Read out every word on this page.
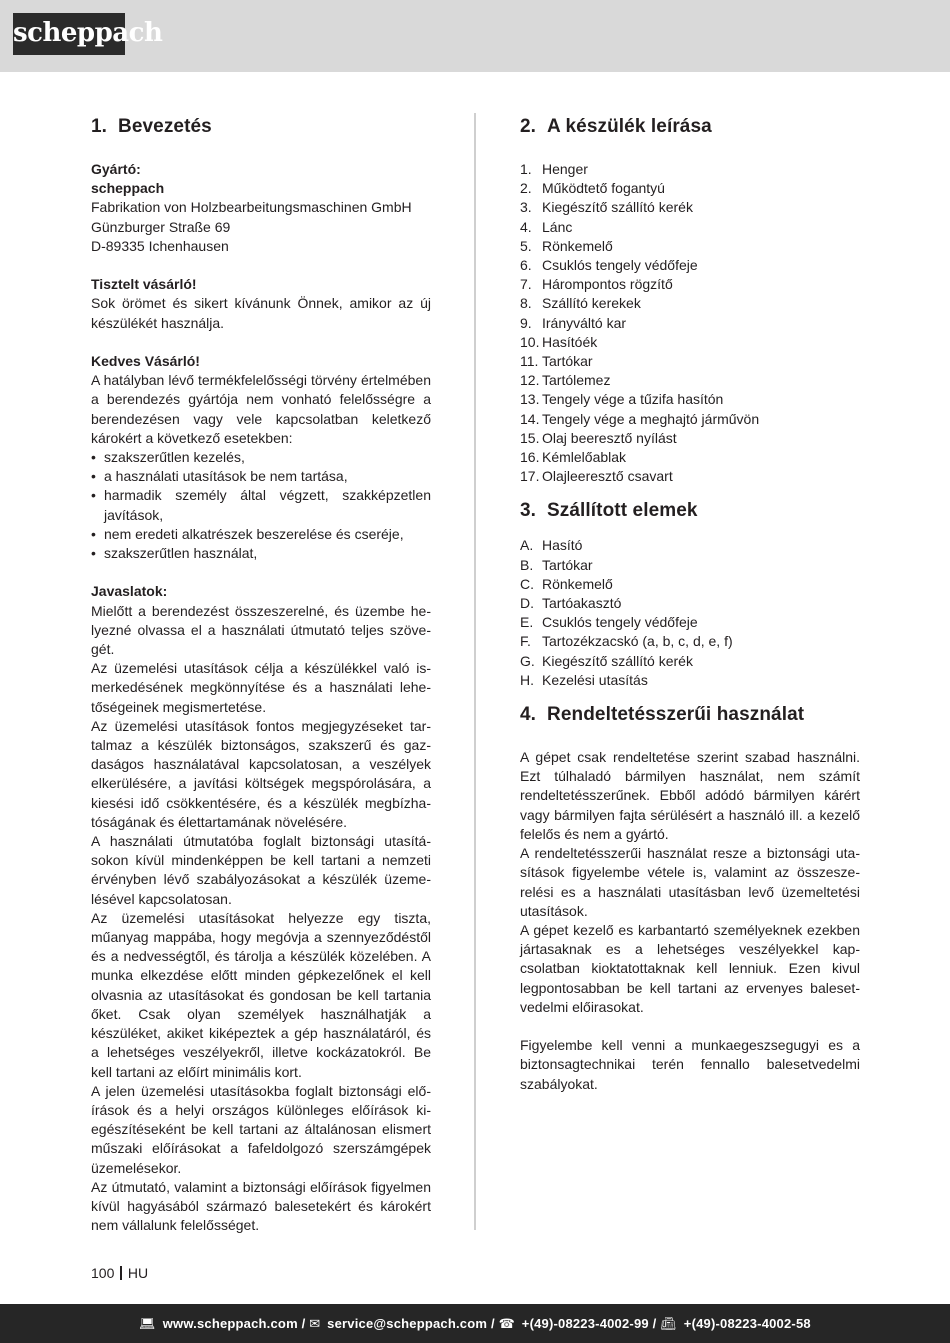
scheppach
1. Bevezetés
Gyártó:
scheppach
Fabrikation von Holzbearbeitungsmaschinen GmbH
Günzburger Straße 69
D-89335 Ichenhausen
Tisztelt vásárló!
Sok örömet és sikert kívánunk Önnek, amikor az új készülékét használja.
Kedves Vásárló!
A hatályban lévő termékfelelősségi törvény értelmében a berendezés gyártója nem vonható felelősségre a berendezésen vagy vele kapcsolatban keletkező károkért a következő esetekben:
• szakszerűtlen kezelés,
• a használati utasítások be nem tartása,
• harmadik személy által végzett, szakképzetlen javítások,
• nem eredeti alkatrészek beszerelése és cseréje,
• szakszerűtlen használat,
Javaslatok:

Mielőtt a berendezést összeszerelné, és üzembe helyezné olvassa el a használati útmutató teljes szövegét.

Az üzemelési utasítások célja a készülékkel való ismerkedésének megkönnyítése és a használati lehetőségeinek megismertetése.

Az üzemelési utasítások fontos megjegyzéseket tartalmaz a készülék biztonságos, szakszerű és gazdaságos használatával kapcsolatosan, a veszélyek elkerülésére, a javítási költségek megspórolására, a kiesési idő csökkentésére, és a készülék megbízhatóságának és élettartamának növelésére.

A használati útmutatóba foglalt biztonsági utasításokon kívül mindenképpen be kell tartani a nemzeti érvényben lévő szabályozásokat a készülék üzemelésével kapcsolatosan.

Az üzemelési utasításokat helyezze egy tiszta, műanyag mappába, hogy megóvja a szennyeződéstől és a nedvességtől, és tárolja a készülék közelében. A munka elkezdése előtt minden gépkezelőnek el kell olvasnia az utasításokat és gondosan be kell tartania őket. Csak olyan személyek használhatják a készüléket, akiket kiképeztek a gép használatáról, és a lehetséges veszélyekről, illetve kockázatokról. Be kell tartani az előírt minimális kort.

A jelen üzemelési utasításokba foglalt biztonsági előírások és a helyi országos különleges előírások kiegészítéseként be kell tartani az általánosan elismert műszaki előírásokat a fafeldolgozó szerszámgépek üzemelésekor.

Az útmutató, valamint a biztonsági előírások figyelmen kívül hagyásából származó balesetekért és károkért nem vállalunk felelősséget.

2. A készülék leírása
1. Henger
2. Működtető fogantyú
3. Kiegészítő szállító kerék
4. Lánc
5. Rönkemelő
6. Csuklós tengely védőfeje
7. Hárompontos rögzítő
8. Szállító kerekek
9. Irányváltó kar
10. Hasítóék
11. Tartókar
12. Tartólemez
13. Tengely vége a tűzifa hasítón
14. Tengely vége a meghajtó járművön
15. Olaj beeresztő nyílást
16. Kémlelőablak
17. Olajleeresztő csavart
3. Szállított elemek
A. Hasító
B. Tartókar
C. Rönkemelő
D. Tartóakasztó
E. Csuklós tengely védőfeje
F. Tartozékzacskó (a, b, c, d, e, f)
G. Kiegészítő szállító kerék
H. Kezelési utasítás
4. Rendeltetésszerűi használat

A gépet csak rendeltetése szerint szabad használni. Ezt túlhaladó bármilyen használat, nem számít rendeltetésszerűnek. Ebből adódó bármilyen kárért vagy bármilyen fajta sérülésért a használó ill. a kezelő felelős és nem a gyártó.

A rendeltetésszerűi használat resze a biztonsági utasítások figyelembe vétele is, valamint az összeszerelési es a használati utasításban levő üzemeltetési utasítások.

A gépet kezelő es karbantartó személyeknek ezekben jártasaknak es a lehetséges veszélyekkel kapcsolatban kioktatottaknak kell lenniuk. Ezen kivul legpontosabban be kell tartani az ervenyes balesetvedelmi előirasokat.

Figyelembe kell venni a munkaegeszsegugyi es a biztonsagtechnikai terén fennallo balesetvedelmi szabályokat.

100 HU
💻︎ www.scheppach.com / ✉︎ service@scheppach.com / ☎︎ +(49)-08223-4002-99 / 📠︎ +(49)-08223-4002-58
